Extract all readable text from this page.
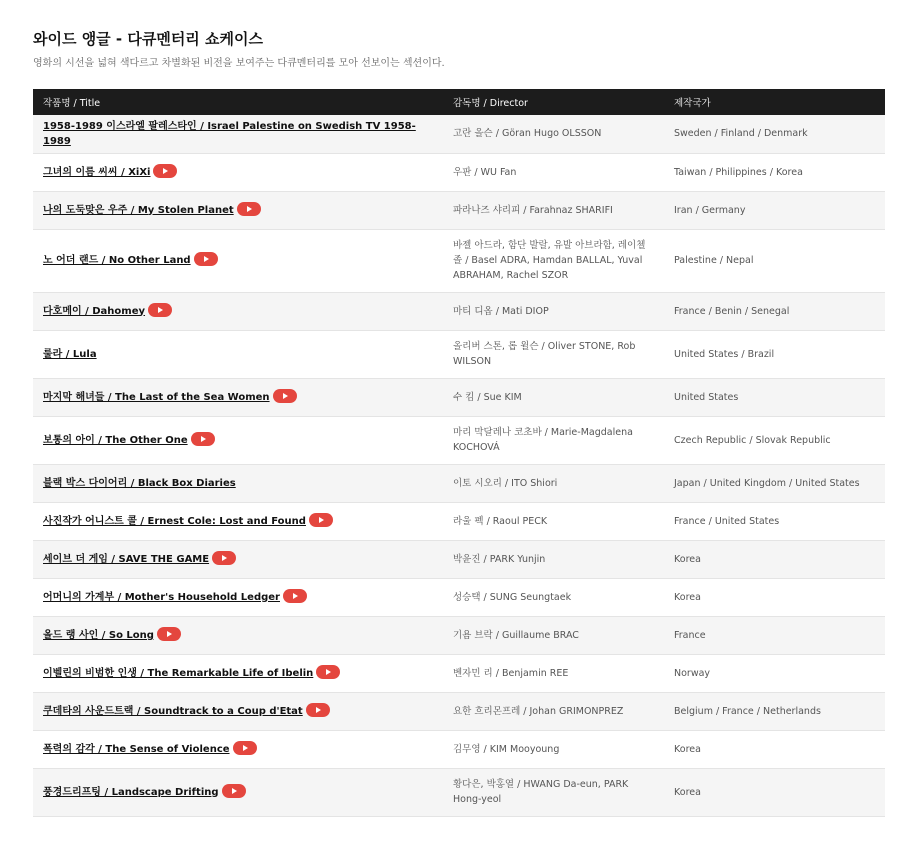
와이드 앵글 - 다큐멘터리 쇼케이스
영화의 시선을 넓혀 색다르고 차별화된 비전을 보여주는 다큐멘터리를 모아 선보이는 섹션이다.
작품명 / Title	감독명 / Director	제작국가
1958-1989 이스라엘 팔레스타인 / Israel Palestine on Swedish TV 1958-1989	고란 올슨 / Göran Hugo OLSSON	Sweden / Finland / Denmark
그녀의 이름 씨씨 / XiXi	우판 / WU Fan	Taiwan / Philippines / Korea
나의 도둑맞은 우주 / My Stolen Planet	파라나즈 샤리피 / Farahnaz SHARIFI	Iran / Germany
노 어더 랜드 / No Other Land	바젤 아드라, 함단 발랄, 유발 아브라함, 레이첼 졸 / Basel ADRA, Hamdan BALLAL, Yuval ABRAHAM, Rachel SZOR	Palestine / Nepal
다호메이 / Dahomey	마티 디옵 / Mati DIOP	France / Benin / Senegal
룰라 / Lula	올리버 스톤, 롭 윌슨 / Oliver STONE, Rob WILSON	United States / Brazil
마지막 해녀들 / The Last of the Sea Women	수 킴 / Sue KIM	United States
보통의 아이 / The Other One	마리 막달레나 코초바 / Marie-Magdalena KOCHOVÁ	Czech Republic / Slovak Republic
블랙 박스 다이어리 / Black Box Diaries	이토 시오리 / ITO Shiori	Japan / United Kingdom / United States
사진작가 어니스트 콜 / Ernest Cole: Lost and Found	라울 펙 / Raoul PECK	France / United States
세이브 더 게임 / SAVE THE GAME	박윤진 / PARK Yunjin	Korea
어머니의 가계부 / Mother's Household Ledger	성승택 / SUNG Seungtaek	Korea
올드 랭 사인 / So Long	기욤 브락 / Guillaume BRAC	France
이벨린의 비범한 인생 / The Remarkable Life of Ibelin	벤자민 리 / Benjamin REE	Norway
쿠데타의 사운드트랙 / Soundtrack to a Coup d'Etat	요한 흐리몬프레 / Johan GRIMONPREZ	Belgium / France / Netherlands
폭력의 감각 / The Sense of Violence	김무영 / KIM Mooyoung	Korea
풍경드리프팅 / Landscape Drifting	황다은, 박홍열 / HWANG Da-eun, PARK Hong-yeol	Korea
